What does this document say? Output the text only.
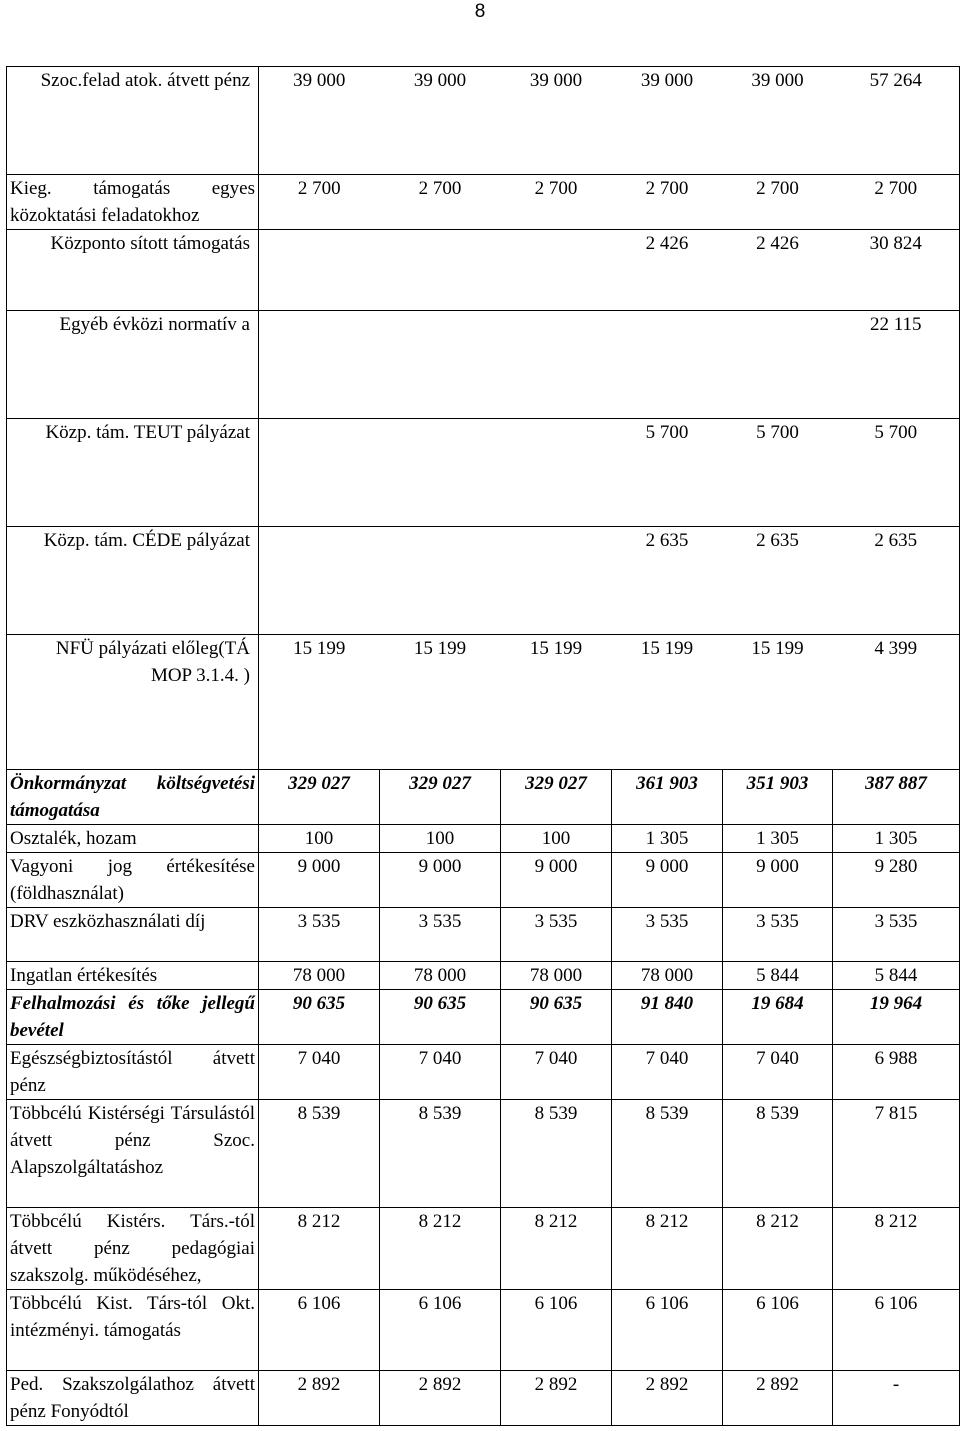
8
Szoc.felad atok. átvett pénz	39 000	39 000	39 000	39 000	39 000	57 264
Kieg. támogatás egyes közoktatási feladatokhoz	2 700	2 700	2 700	2 700	2 700	2 700
Központo sított támogatás				2 426	2 426	30 824
Egyéb évközi normatív a						22 115
Közp. tám. TEUT pályázat				5 700	5 700	5 700
Közp. tám. CÉDE pályázat				2 635	2 635	2 635
NFÜ pályázati előleg(TÁ MOP 3.1.4. )	15 199	15 199	15 199	15 199	15 199	4 399
Önkormányzat költségvetési támogatása	329 027	329 027	329 027	361 903	351 903	387 887
Osztalék, hozam	100	100	100	1 305	1 305	1 305
Vagyoni jog értékesítése (földhasználat)	9 000	9 000	9 000	9 000	9 000	9 280
DRV eszközhasználati díj	3 535	3 535	3 535	3 535	3 535	3 535
Ingatlan értékesítés	78 000	78 000	78 000	78 000	5 844	5 844
Felhalmozási és tőke jellegű bevétel	90 635	90 635	90 635	91 840	19 684	19 964
Egészségbiztosítástól átvett pénz	7 040	7 040	7 040	7 040	7 040	6 988
Többcélú Kistérségi Társulástól átvett pénz Szoc. Alapszolgáltatáshoz	8 539	8 539	8 539	8 539	8 539	7 815
Többcélú Kistérs. Társ.-tól átvett pénz pedagógiai szakszolg. működéséhez,	8 212	8 212	8 212	8 212	8 212	8 212
Többcélú Kist. Társ-tól Okt. intézményi. támogatás	6 106	6 106	6 106	6 106	6 106	6 106
Ped. Szakszolgálathoz átvett pénz Fonyódtól	2 892	2 892	2 892	2 892	2 892	-
